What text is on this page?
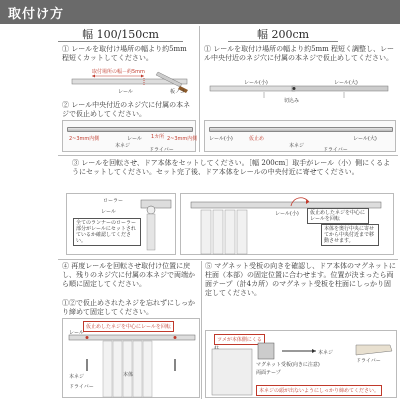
取付け方
幅 100/150cm	幅 200cm
① レールを取付け場所の幅より約5mm 程短くカットしてください。
取付場所の幅－約5mm
レール	板ノコ
① レールを取付け場所の幅より約5mm 程短く調整し、レール中央付近のネジ穴に付属の本ネジで仮止めしてください。
レール(小)	レール(大)
切込み
② レール中央付近のネジ穴に付属の本ネジで仮止めしてください。
2~3mm内側	2~3mm内側
レール 1カ所
本ネジ
ドライバー
レール(小)	仮止め	レール(大)
本ネジ
ドライバー
③ レールを回転させ、ドア本体をセットしてください。［幅 200cm］取手がレール（小）側にくるようにセットしてください。セット完了後、ドア本体をレールの中央付近に寄せてください。
ローラー
レール
全てのランナーのローラー部分がレールにセットされているか確認してください。
レール(小)	仮止めしたネジを中心にレールを回転
本体を奥行中央に寄せてから中央付近まで移動させます。
④ 再度レールを回転させ取付け位置に戻し、残りのネジ穴に付属の本ネジで両端から順に固定してください。
①②で仮止めされたネジを忘れずにしっかり締めて固定してください。
仮止めしたネジを中心にレールを回転
レール
本体
本ネジ
ドライバー
⑤ マグネット受板の向きを確認し、ドア本体のマグネットに柱面（本部）の固定位置に合わせます。位置が決まったら両面テープ（計4カ所）のマグネット受板を柱面にしっかり固定してください。
ツメが本体側にくる
マグネット受板(向きに注意)
両面テープ
本ネジ
ドライバー
本ネジの頭が出ないようにしっかり締めてください。
